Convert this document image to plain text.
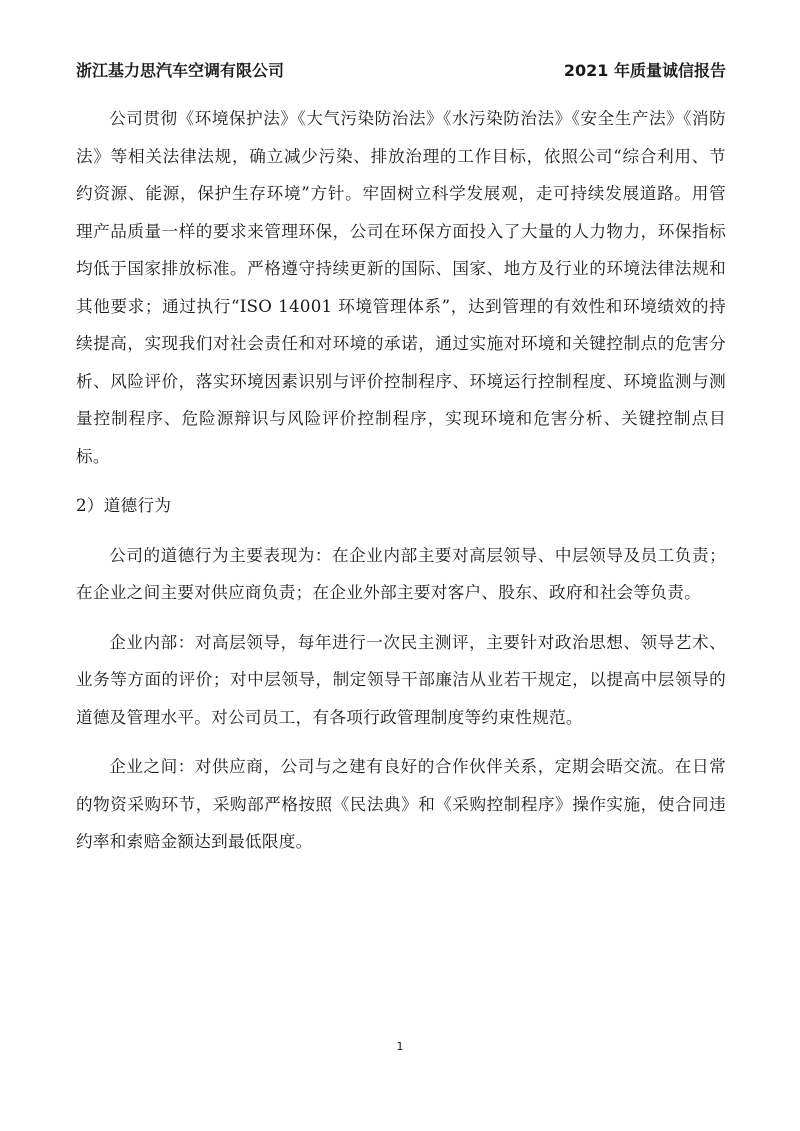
浙江基力思汽车空调有限公司	2021 年质量诚信报告

公司贯彻《环境保护法》《大气污染防治法》《水污染防治法》《安全生产法》《消防法》等相关法律法规，确立减少污染、排放治理的工作目标，依照公司“综合利用、节约资源、能源，保护生存环境”方针。牢固树立科学发展观，走可持续发展道路。用管理产品质量一样的要求来管理环保，公司在环保方面投入了大量的人力物力，环保指标均低于国家排放标准。严格遵守持续更新的国际、国家、地方及行业的环境法律法规和其他要求；通过执行“ISO 14001 环境管理体系”，达到管理的有效性和环境绩效的持续提高，实现我们对社会责任和对环境的承诺，通过实施对环境和关键控制点的危害分析、风险评价，落实环境因素识别与评价控制程序、环境运行控制程度、环境监测与测量控制程序、危险源辩识与风险评价控制程序，实现环境和危害分析、关键控制点目标。

2）道德行为

公司的道德行为主要表现为：在企业内部主要对高层领导、中层领导及员工负责；在企业之间主要对供应商负责；在企业外部主要对客户、股东、政府和社会等负责。

企业内部：对高层领导，每年进行一次民主测评，主要针对政治思想、领导艺术、业务等方面的评价；对中层领导，制定领导干部廉洁从业若干规定，以提高中层领导的道德及管理水平。对公司员工，有各项行政管理制度等约束性规范。

企业之间：对供应商，公司与之建有良好的合作伙伴关系，定期会晤交流。在日常的物资采购环节，采购部严格按照《民法典》和《采购控制程序》操作实施，使合同违约率和索赔金额达到最低限度。

1
